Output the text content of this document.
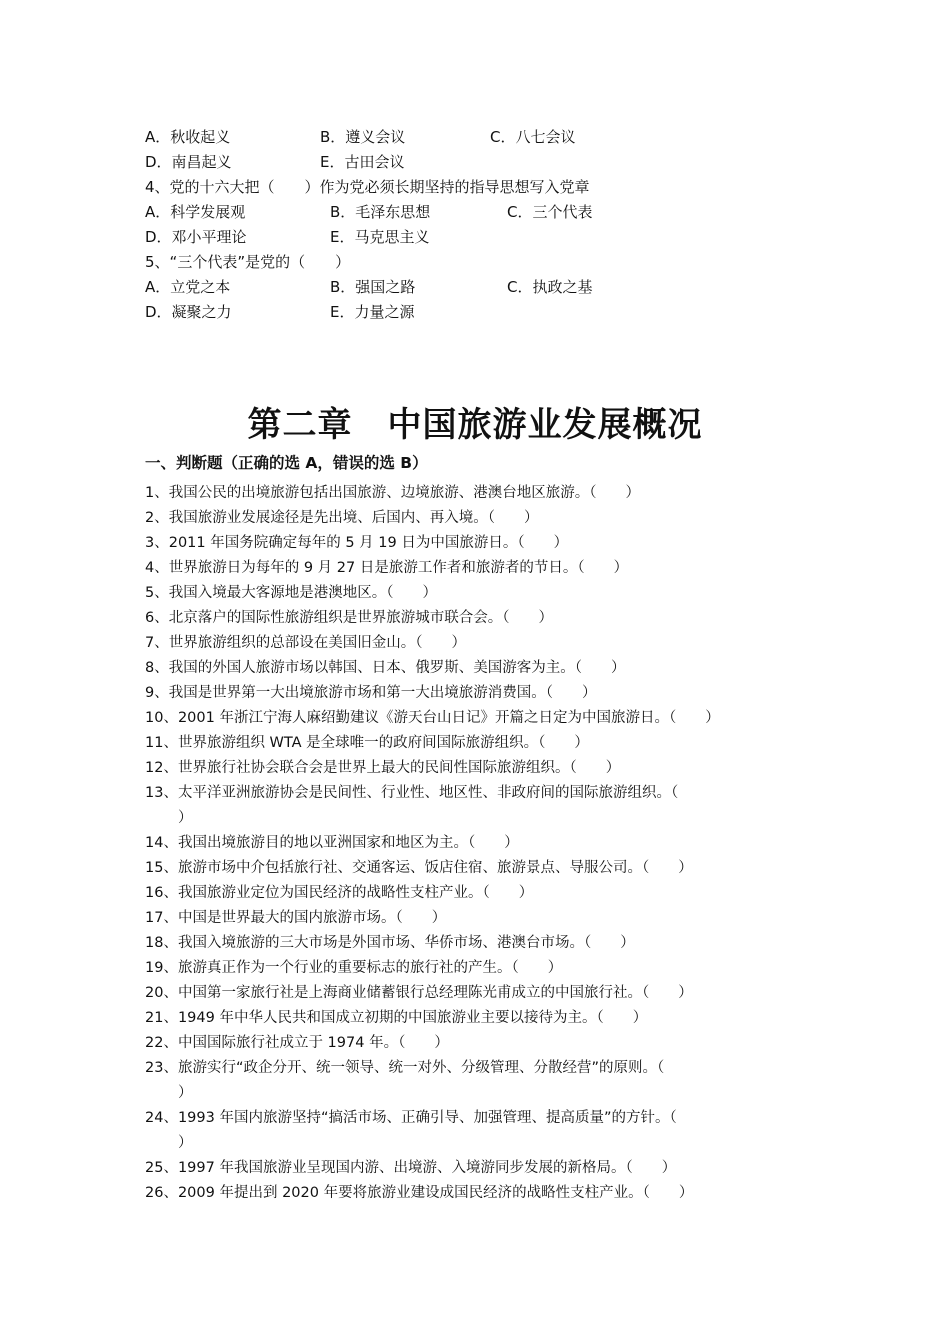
A．秋收起义	B．遵义会议	C．八七会议
D．南昌起义	E．古田会议
4、党的十六大把（　　）作为党必须长期坚持的指导思想写入党章
A．科学发展观	B．毛泽东思想	C．三个代表
D．邓小平理论	E．马克思主义
5、“三个代表”是党的（　　）
A．立党之本	B．强国之路	C．执政之基
D．凝聚之力	E．力量之源
第二章　中国旅游业发展概况
一、判断题（正确的选 A，错误的选 B）
1、我国公民的出境旅游包括出国旅游、边境旅游、港澳台地区旅游。（　　）
2、我国旅游业发展途径是先出境、后国内、再入境。（　　）
3、2011 年国务院确定每年的 5 月 19 日为中国旅游日。（　　）
4、世界旅游日为每年的 9 月 27 日是旅游工作者和旅游者的节日。（　　）
5、我国入境最大客源地是港澳地区。（　　）
6、北京落户的国际性旅游组织是世界旅游城市联合会。（　　）
7、世界旅游组织的总部设在美国旧金山。（　　）
8、我国的外国人旅游市场以韩国、日本、俄罗斯、美国游客为主。（　　）
9、我国是世界第一大出境旅游市场和第一大出境旅游消费国。（　　）
10、2001 年浙江宁海人麻绍勤建议《游天台山日记》开篇之日定为中国旅游日。（　　）
11、世界旅游组织 WTA 是全球唯一的政府间国际旅游组织。（　　）
12、世界旅行社协会联合会是世界上最大的民间性国际旅游组织。（　　）
13、太平洋亚洲旅游协会是民间性、行业性、地区性、非政府间的国际旅游组织。（
）
14、我国出境旅游目的地以亚洲国家和地区为主。（　　）
15、旅游市场中介包括旅行社、交通客运、饭店住宿、旅游景点、导服公司。（　　）
16、我国旅游业定位为国民经济的战略性支柱产业。（　　）
17、中国是世界最大的国内旅游市场。（　　）
18、我国入境旅游的三大市场是外国市场、华侨市场、港澳台市场。（　　）
19、旅游真正作为一个行业的重要标志的旅行社的产生。（　　）
20、中国第一家旅行社是上海商业储蓄银行总经理陈光甫成立的中国旅行社。（　　）
21、1949 年中华人民共和国成立初期的中国旅游业主要以接待为主。（　　）
22、中国国际旅行社成立于 1974 年。（　　）
23、旅游实行“政企分开、统一领导、统一对外、分级管理、分散经营”的原则。（
）
24、1993 年国内旅游坚持“搞活市场、正确引导、加强管理、提高质量”的方针。（
）
25、1997 年我国旅游业呈现国内游、出境游、入境游同步发展的新格局。（　　）
26、2009 年提出到 2020 年要将旅游业建设成国民经济的战略性支柱产业。（　　）
